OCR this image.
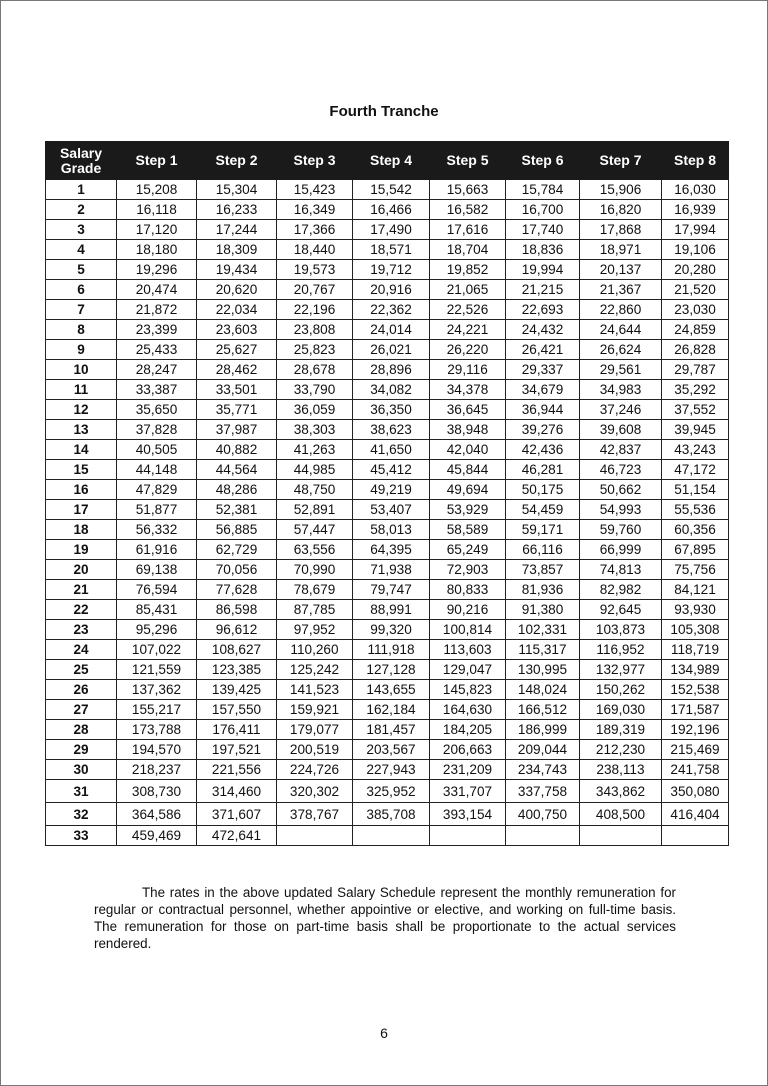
Fourth Tranche
Salary Grade	Step 1	Step 2	Step 3	Step 4	Step 5	Step 6	Step 7	Step 8
1	15,208	15,304	15,423	15,542	15,663	15,784	15,906	16,030
2	16,118	16,233	16,349	16,466	16,582	16,700	16,820	16,939
3	17,120	17,244	17,366	17,490	17,616	17,740	17,868	17,994
4	18,180	18,309	18,440	18,571	18,704	18,836	18,971	19,106
5	19,296	19,434	19,573	19,712	19,852	19,994	20,137	20,280
6	20,474	20,620	20,767	20,916	21,065	21,215	21,367	21,520
7	21,872	22,034	22,196	22,362	22,526	22,693	22,860	23,030
8	23,399	23,603	23,808	24,014	24,221	24,432	24,644	24,859
9	25,433	25,627	25,823	26,021	26,220	26,421	26,624	26,828
10	28,247	28,462	28,678	28,896	29,116	29,337	29,561	29,787
11	33,387	33,501	33,790	34,082	34,378	34,679	34,983	35,292
12	35,650	35,771	36,059	36,350	36,645	36,944	37,246	37,552
13	37,828	37,987	38,303	38,623	38,948	39,276	39,608	39,945
14	40,505	40,882	41,263	41,650	42,040	42,436	42,837	43,243
15	44,148	44,564	44,985	45,412	45,844	46,281	46,723	47,172
16	47,829	48,286	48,750	49,219	49,694	50,175	50,662	51,154
17	51,877	52,381	52,891	53,407	53,929	54,459	54,993	55,536
18	56,332	56,885	57,447	58,013	58,589	59,171	59,760	60,356
19	61,916	62,729	63,556	64,395	65,249	66,116	66,999	67,895
20	69,138	70,056	70,990	71,938	72,903	73,857	74,813	75,756
21	76,594	77,628	78,679	79,747	80,833	81,936	82,982	84,121
22	85,431	86,598	87,785	88,991	90,216	91,380	92,645	93,930
23	95,296	96,612	97,952	99,320	100,814	102,331	103,873	105,308
24	107,022	108,627	110,260	111,918	113,603	115,317	116,952	118,719
25	121,559	123,385	125,242	127,128	129,047	130,995	132,977	134,989
26	137,362	139,425	141,523	143,655	145,823	148,024	150,262	152,538
27	155,217	157,550	159,921	162,184	164,630	166,512	169,030	171,587
28	173,788	176,411	179,077	181,457	184,205	186,999	189,319	192,196
29	194,570	197,521	200,519	203,567	206,663	209,044	212,230	215,469
30	218,237	221,556	224,726	227,943	231,209	234,743	238,113	241,758
31	308,730	314,460	320,302	325,952	331,707	337,758	343,862	350,080
32	364,586	371,607	378,767	385,708	393,154	400,750	408,500	416,404
33	459,469	472,641						
The rates in the above updated Salary Schedule represent the monthly remuneration for regular or contractual personnel, whether appointive or elective, and working on full-time basis. The remuneration for those on part-time basis shall be proportionate to the actual services rendered.
6
